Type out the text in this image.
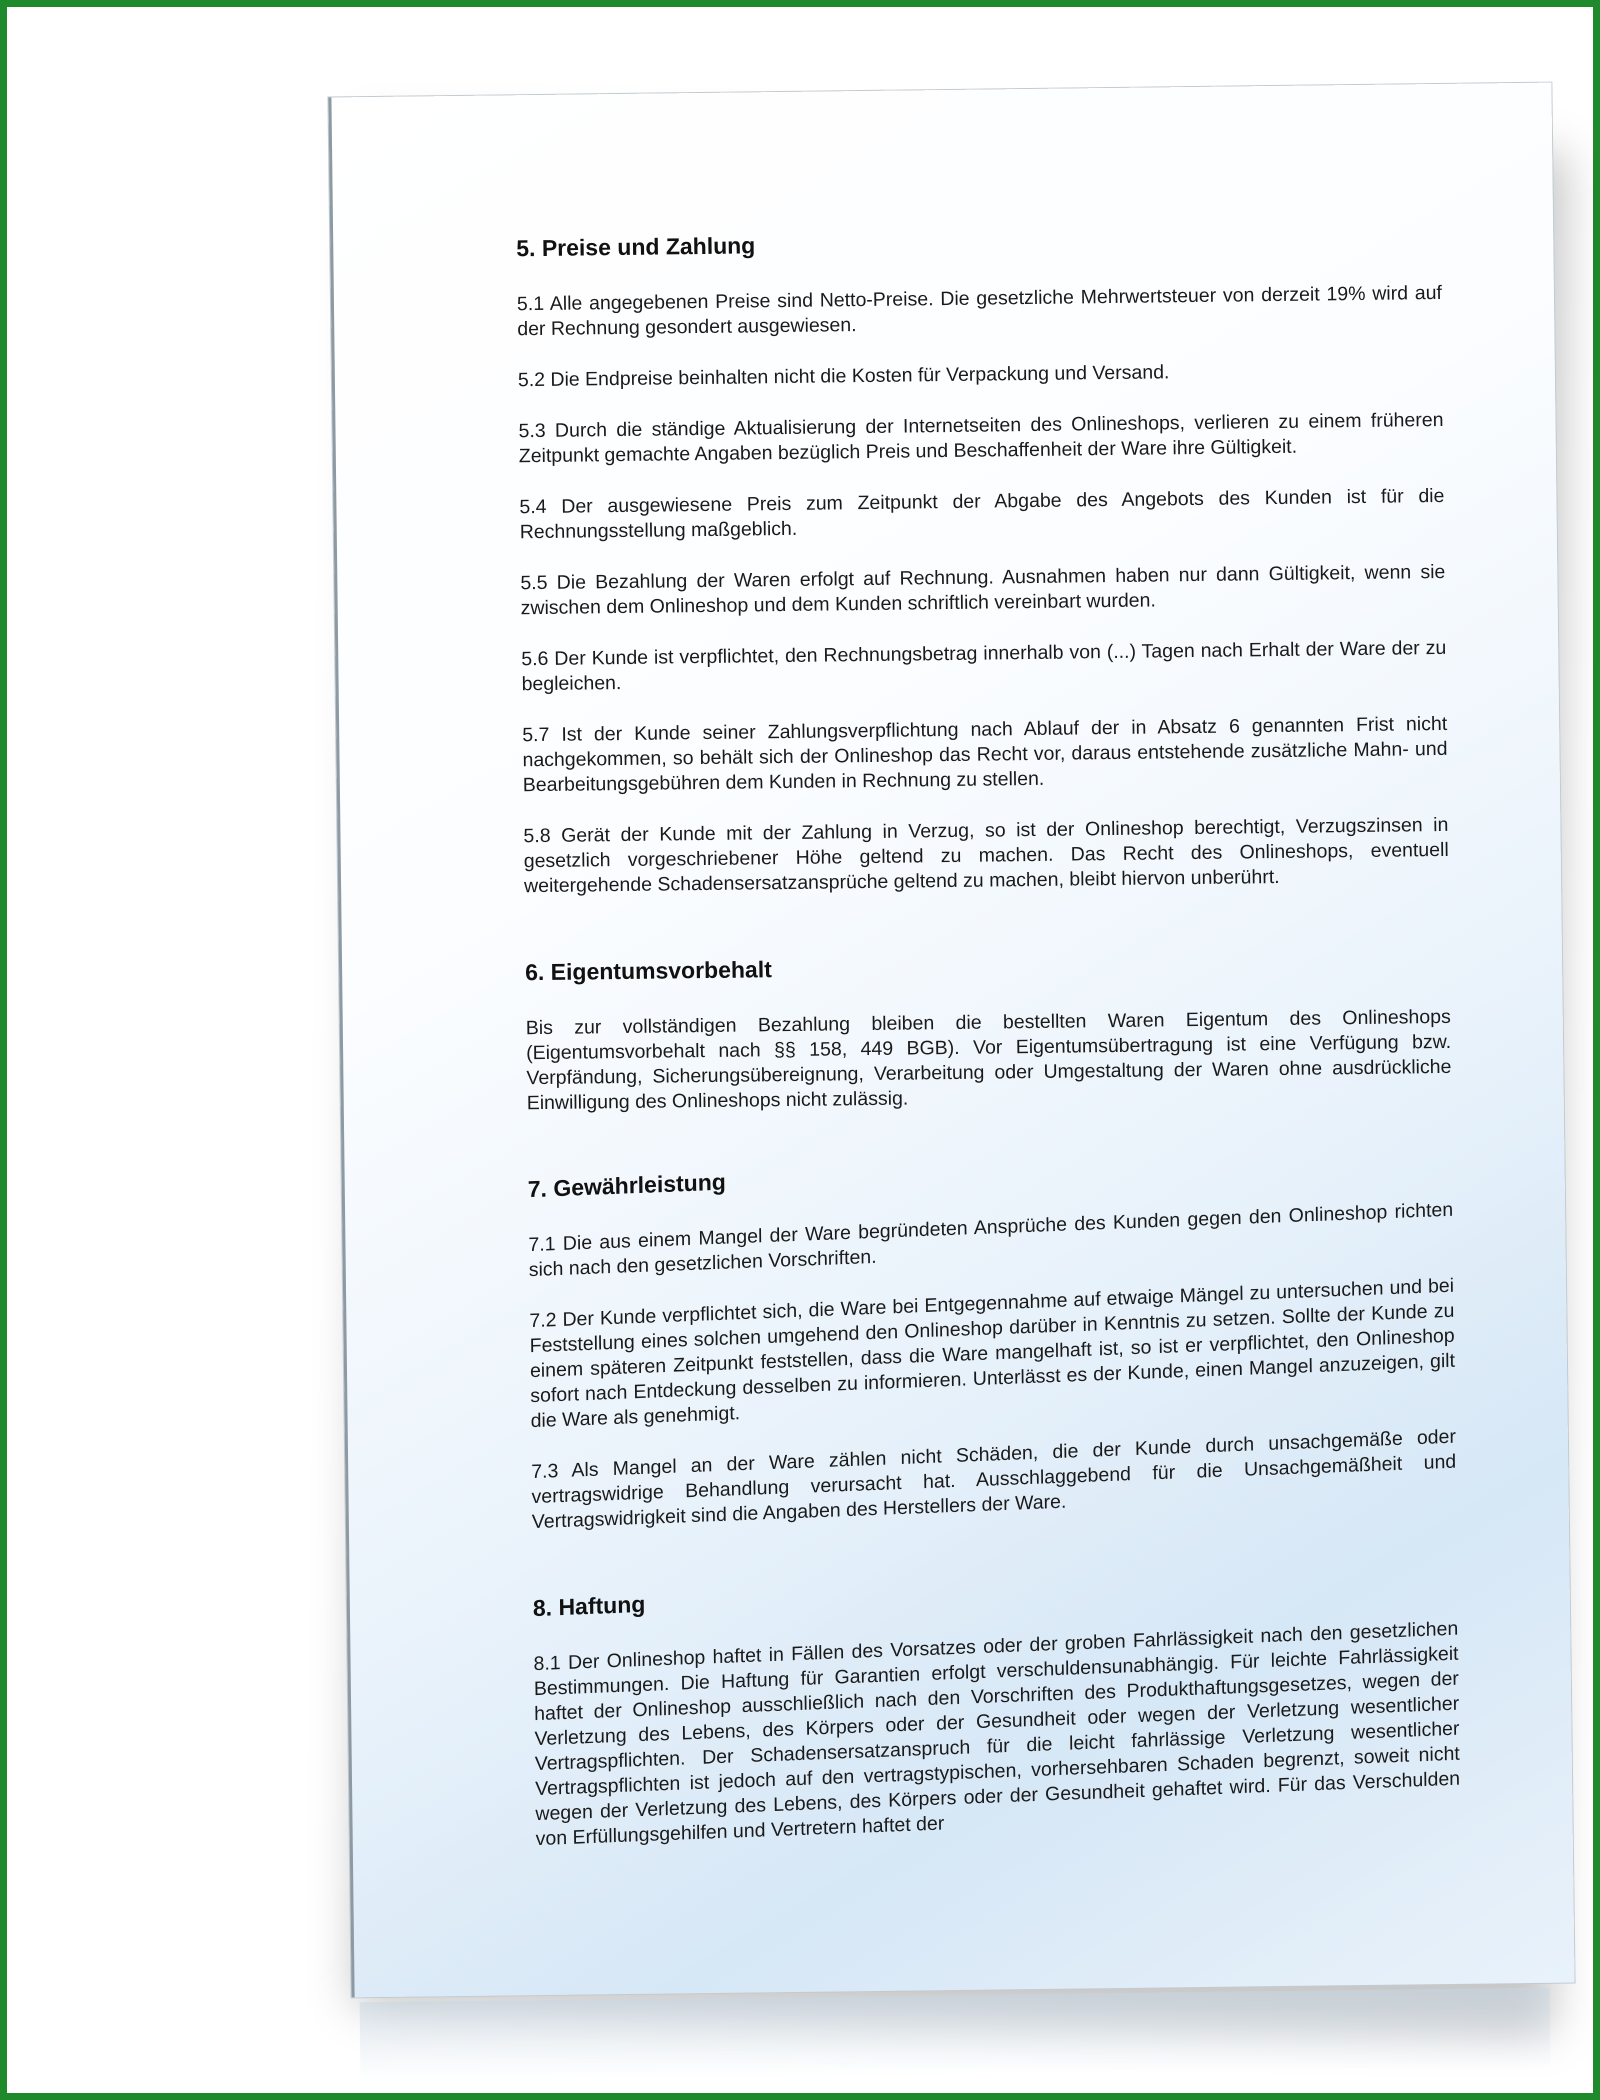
5. Preise und Zahlung

5.1 Alle angegebenen Preise sind Netto-Preise. Die gesetzliche Mehrwertsteuer von derzeit 19% wird auf der Rechnung gesondert ausgewiesen.

5.2 Die Endpreise beinhalten nicht die Kosten für Verpackung und Versand.

5.3 Durch die ständige Aktualisierung der Internetseiten des Onlineshops, verlieren zu einem früheren Zeitpunkt gemachte Angaben bezüglich Preis und Beschaffenheit der Ware ihre Gültigkeit.

5.4 Der ausgewiesene Preis zum Zeitpunkt der Abgabe des Angebots des Kunden ist für die Rechnungsstellung maßgeblich.

5.5 Die Bezahlung der Waren erfolgt auf Rechnung. Ausnahmen haben nur dann Gültigkeit, wenn sie zwischen dem Onlineshop und dem Kunden schriftlich vereinbart wurden.

5.6 Der Kunde ist verpflichtet, den Rechnungsbetrag innerhalb von (...) Tagen nach Erhalt der Ware der zu begleichen.

5.7 Ist der Kunde seiner Zahlungsverpflichtung nach Ablauf der in Absatz 6 genannten Frist nicht nachgekommen, so behält sich der Onlineshop das Recht vor, daraus entstehende zusätzliche Mahn- und Bearbeitungsgebühren dem Kunden in Rechnung zu stellen.

5.8 Gerät der Kunde mit der Zahlung in Verzug, so ist der Onlineshop berechtigt, Verzugszinsen in gesetzlich vorgeschriebener Höhe geltend zu machen. Das Recht des Onlineshops, eventuell weitergehende Schadensersatzansprüche geltend zu machen, bleibt hiervon unberührt.

6. Eigentumsvorbehalt

Bis zur vollständigen Bezahlung bleiben die bestellten Waren Eigentum des Onlineshops (Eigentumsvorbehalt nach §§ 158, 449 BGB). Vor Eigentumsübertragung ist eine Verfügung bzw. Verpfändung, Sicherungsübereignung, Verarbeitung oder Umgestaltung der Waren ohne ausdrückliche Einwilligung des Onlineshops nicht zulässig.

7. Gewährleistung

7.1 Die aus einem Mangel der Ware begründeten Ansprüche des Kunden gegen den Onlineshop richten sich nach den gesetzlichen Vorschriften.

7.2 Der Kunde verpflichtet sich, die Ware bei Entgegennahme auf etwaige Mängel zu untersuchen und bei Feststellung eines solchen umgehend den Onlineshop darüber in Kenntnis zu setzen. Sollte der Kunde zu einem späteren Zeitpunkt feststellen, dass die Ware mangelhaft ist, so ist er verpflichtet, den Onlineshop sofort nach Entdeckung desselben zu informieren. Unterlässt es der Kunde, einen Mangel anzuzeigen, gilt die Ware als genehmigt.

7.3 Als Mangel an der Ware zählen nicht Schäden, die der Kunde durch unsachgemäße oder vertragswidrige Behandlung verursacht hat. Ausschlaggebend für die Unsachgemäßheit und Vertragswidrigkeit sind die Angaben des Herstellers der Ware.

8. Haftung

8.1 Der Onlineshop haftet in Fällen des Vorsatzes oder der groben Fahrlässigkeit nach den gesetzlichen Bestimmungen. Die Haftung für Garantien erfolgt verschuldensunabhängig. Für leichte Fahrlässigkeit haftet der Onlineshop ausschließlich nach den Vorschriften des Produkthaftungsgesetzes, wegen der Verletzung des Lebens, des Körpers oder der Gesundheit oder wegen der Verletzung wesentlicher Vertragspflichten. Der Schadensersatzanspruch für die leicht fahrlässige Verletzung wesentlicher Vertragspflichten ist jedoch auf den vertragstypischen, vorhersehbaren Schaden begrenzt, soweit nicht wegen der Verletzung des Lebens, des Körpers oder der Gesundheit gehaftet wird. Für das Verschulden von Erfüllungsgehilfen und Vertretern haftet der
